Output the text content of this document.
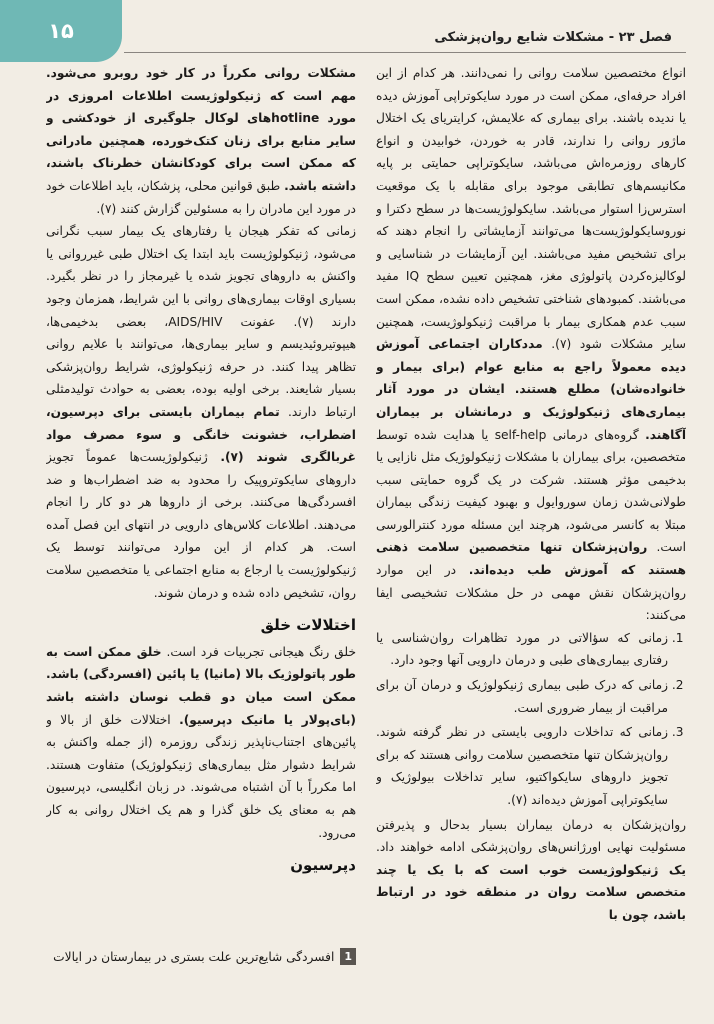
۱۵	فصل ۲۳ - مشکلات شایع روان‌پزشکی

انواع مختصصین سلامت روانی را نمی‌دانند. هر کدام از این افراد حرفه‌ای، ممکن است در مورد سایکوتراپی آموزش دیده یا ندیده باشند. برای بیماری که علایمش، کرایتریای یک اختلال ماژور روانی را ندارند، قادر به خوردن، خوابیدن و انواع کارهای روزمره‌اش می‌باشد، سایکوتراپی حمایتی بر پایه مکانیسم‌های تطابقی موجود برای مقابله با یک موقعیت استرس‌زا استوار می‌باشد. سایکولوژیست‌ها در سطح دکترا و نوروسایکولوژیست‌ها می‌توانند آزمایشاتی را انجام دهند که برای تشخیص مفید می‌باشند. این آزمایشات در شناسایی و لوکالیزه‌کردن پاتولوژی مغز، همچنین تعیین سطح IQ مفید می‌باشند. کمبودهای شناختی تشخیص داده نشده، ممکن است سبب عدم همکاری بیمار با مراقبت ژنیکولوژیست، همچنین سایر مشکلات شود (۷). مددکاران اجتماعی آموزش دیده معمولاً راجع به منابع عوام (برای بیمار و خانواده‌شان) مطلع هستند. ایشان در مورد آثار بیماری‌های ژنیکولوژیک و درمانشان بر بیماران آگاهند. گروه‌های درمانی self-help یا هدایت شده توسط متخصصین، برای بیماران با مشکلات ژنیکولوژیک مثل نازایی یا بدخیمی مؤثر هستند. شرکت در یک گروه حمایتی سبب طولانی‌شدن زمان سوروایول و بهبود کیفیت زندگی بیماران مبتلا به کانسر می‌شود، هرچند این مسئله مورد کنترالورسی است. روان‌پزشکان تنها متخصصین سلامت ذهنی هستند که آموزش طب دیده‌اند. در این موارد روان‌پزشکان نقش مهمی در حل مشکلات تشخیصی ایفا می‌کنند:

1. زمانی که سؤالاتی در مورد تظاهرات روان‌شناسی یا رفتاری بیماری‌های طبی و درمان دارویی آنها وجود دارد.
2. زمانی که درک طبی بیماری ژنیکولوژیک و درمان آن برای مراقبت از بیمار ضروری است.
3. زمانی که تداخلات دارویی بایستی در نظر گرفته شوند. روان‌پزشکان تنها متخصصین سلامت روانی هستند که برای تجویز داروهای سایکواکتیو، سایر تداخلات بیولوژیک و سایکوتراپی آموزش دیده‌اند (۷).

روان‌پزشکان به درمان بیماران بسیار بدحال و پذیرفتن مسئولیت نهایی اورژانس‌های روان‌پزشکی ادامه خواهند داد. یک ژنیکولوژیست خوب است که با یک یا چند متخصص سلامت روان در منطقه خود در ارتباط باشد، چون با

مشکلات روانی مکرراً در کار خود روبرو می‌شود. مهم است که ژنیکولوژیست اطلاعات امروزی در مورد hotlineهای لوکال جلوگیری از خودکشی و سایر منابع برای زنان کتک‌خورده، همچنین مادرانی که ممکن است برای کودکانشان خطرناک باشند، داشته باشد. طبق قوانین محلی، پزشکان، باید اطلاعات خود در مورد این مادران را به مسئولین گزارش کنند (۷).

زمانی که تفکر هیجان یا رفتارهای یک بیمار سبب نگرانی می‌شود، ژنیکولوژیست باید ابتدا یک اختلال طبی غیرروانی یا واکنش به داروهای تجویز شده یا غیرمجاز را در نظر بگیرد. بسیاری اوقات بیماری‌های روانی با این شرایط، همزمان وجود دارند (۷). عفونت AIDS/HIV، بعضی بدخیمی‌ها، هیپوتیروئیدیسم و سایر بیماری‌ها، می‌توانند با علایم روانی تظاهر پیدا کنند. در حرفه ژنیکولوژی، شرایط روان‌پزشکی بسیار شایعند. برخی اولیه بوده، بعضی به حوادث تولیدمثلی ارتباط دارند. تمام بیماران بایستی برای دپرسیون، اضطراب، خشونت خانگی و سوء مصرف مواد غربالگری شوند (۷). ژنیکولوژیست‌ها عموماً تجویز داروهای سایکوتروپیک را محدود به ضد اضطراب‌ها و ضد افسردگی‌ها می‌کنند. برخی از داروها هر دو کار را انجام می‌دهند. اطلاعات کلاس‌های دارویی در انتهای این فصل آمده است. هر کدام از این موارد می‌توانند توسط یک ژنیکولوژیست یا ارجاع به منابع اجتماعی یا متخصصین سلامت روان، تشخیص داده شده و درمان شوند.

اختلالات خلق

خلق رنگ هیجانی تجربیات فرد است. خلق ممکن است به طور پاتولوژیک بالا (مانیا) یا پائین (افسردگی) باشد. ممکن است میان دو قطب نوسان داشته باشد (بای‌پولار یا مانیک دپرسیو). اختلالات خلق از بالا و پائین‌های اجتناب‌ناپذیر زندگی روزمره (از جمله واکنش به شرایط دشوار مثل بیماری‌های ژنیکولوژیک) متفاوت هستند. اما مکرراً با آن اشتباه می‌شوند. در زبان انگلیسی، دپرسیون هم به معنای یک خلق گذرا و هم یک اختلال روانی به کار می‌رود.

دپرسیون
1
افسردگی شایع‌ترین علت بستری در بیمارستان در ایالات
